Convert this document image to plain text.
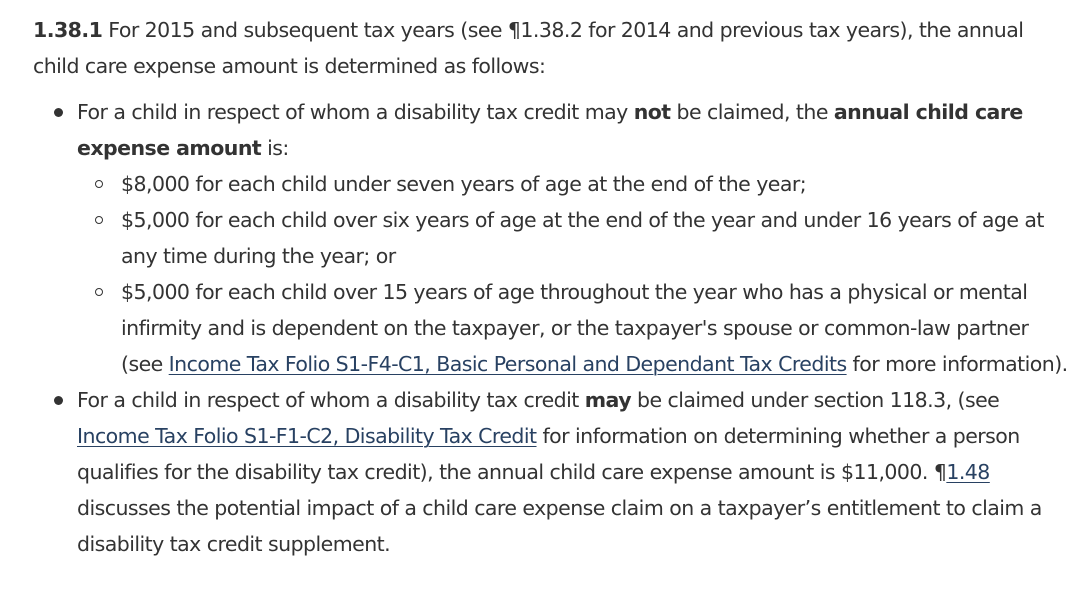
1.38.1 For 2015 and subsequent tax years (see ¶1.38.2 for 2014 and previous tax years), the annual child care expense amount is determined as follows:

For a child in respect of whom a disability tax credit may not be claimed, the annual child care expense amount is:
$8,000 for each child under seven years of age at the end of the year;
$5,000 for each child over six years of age at the end of the year and under 16 years of age at any time during the year; or
$5,000 for each child over 15 years of age throughout the year who has a physical or mental infirmity and is dependent on the taxpayer, or the taxpayer's spouse or common-law partner (see Income Tax Folio S1-F4-C1, Basic Personal and Dependant Tax Credits for more information).
For a child in respect of whom a disability tax credit may be claimed under section 118.3, (see Income Tax Folio S1-F1-C2, Disability Tax Credit for information on determining whether a person qualifies for the disability tax credit), the annual child care expense amount is $11,000. ¶1.48 discusses the potential impact of a child care expense claim on a taxpayer’s entitlement to claim a disability tax credit supplement.
